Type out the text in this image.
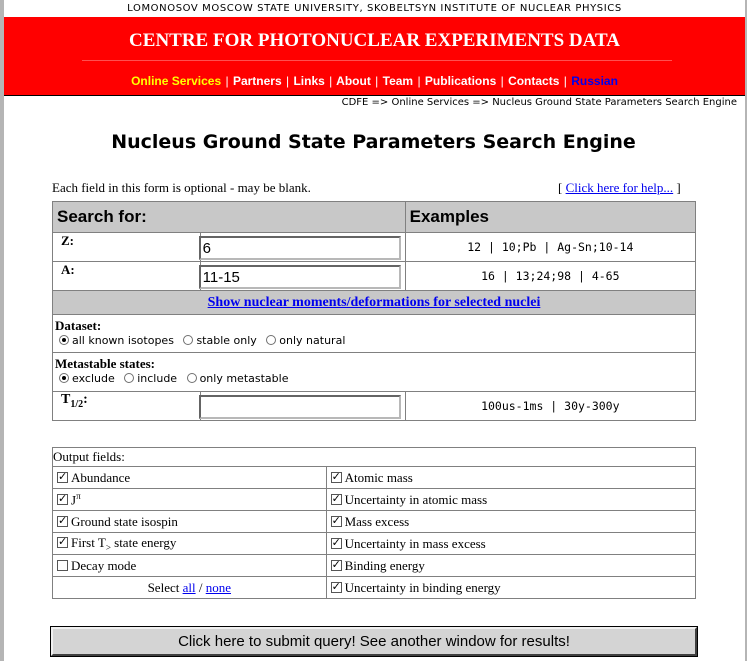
LOMONOSOV MOSCOW STATE UNIVERSITY, SKOBELTSYN INSTITUTE OF NUCLEAR PHYSICS
CENTRE FOR PHOTONUCLEAR EXPERIMENTS DATA
Online Services | Partners | Links | About | Team | Publications | Contacts | Russian
CDFE => Online Services => Nucleus Ground State Parameters Search Engine
Nucleus Ground State Parameters Search Engine
Each field in this form is optional - may be blank.	[ Click here for help... ]
Search for:		Examples
Z:	6	12 | 10;Pb | Ag-Sn;10-14
A:	11-15	16 | 13;24;98 | 4-65
Show nuclear moments/deformations for selected nuclei		

Dataset:
all known isotopes stable only only natural		

Metastable states:
exclude include only metastable		

$T_{1/2}$:		100us-1ms | 30y-300y
Output fields:	
✓Abundance	✓Atomic mass
$✓J^\pi$	✓Uncertainty in atomic mass
✓Ground state isospin	✓Mass excess
✓First $T_>$ state energy	✓Uncertainty in mass excess
Decay mode	✓Binding energy
Select all / none	✓Uncertainty in binding energy
Click here to submit query! See another window for results!
